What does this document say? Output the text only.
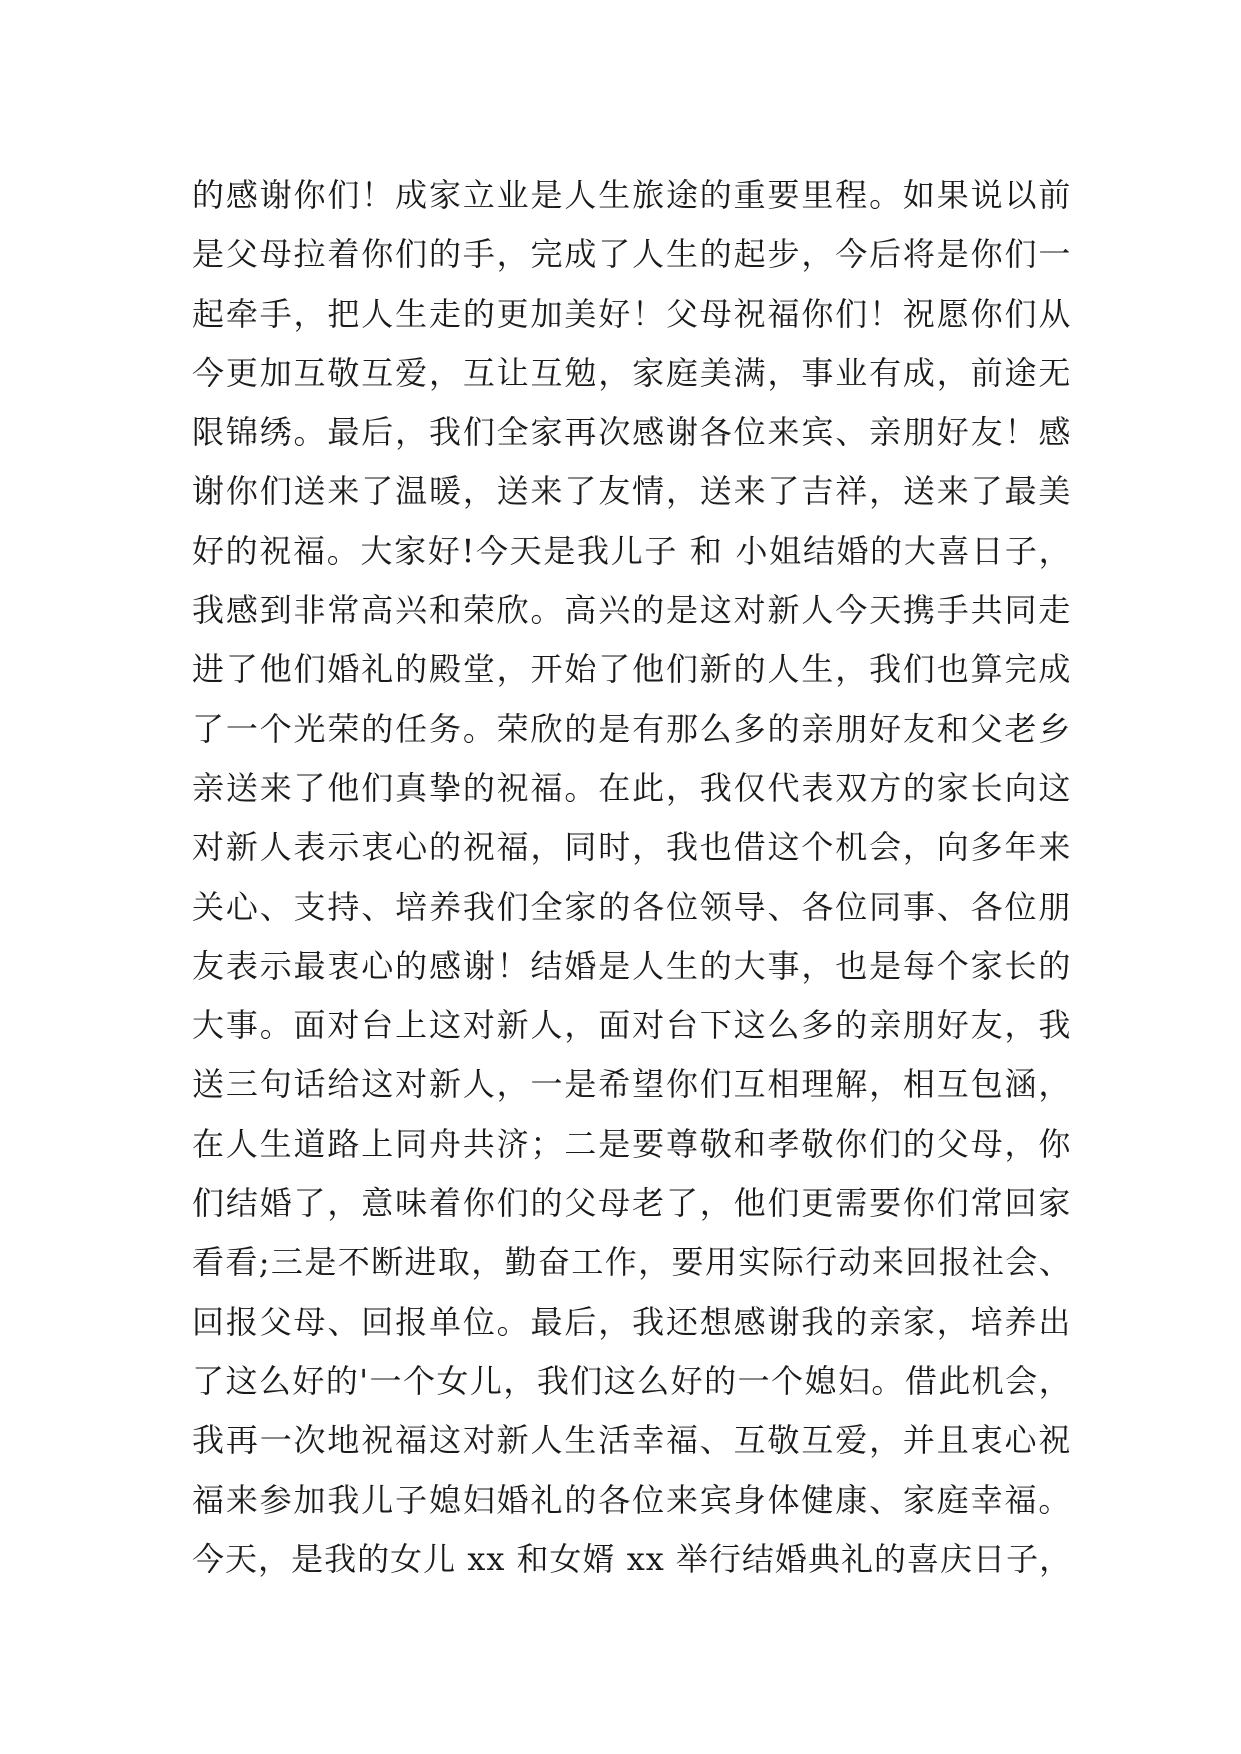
的感谢你们！成家立业是人生旅途的重要里程。如果说以前
是父母拉着你们的手，完成了人生的起步，今后将是你们一
起牵手，把人生走的更加美好！父母祝福你们！祝愿你们从
今更加互敬互爱，互让互勉，家庭美满，事业有成，前途无
限锦绣。最后，我们全家再次感谢各位来宾、亲朋好友！感
谢你们送来了温暖，送来了友情，送来了吉祥，送来了最美
好的祝福。大家好!今天是我儿子 和 小姐结婚的大喜日子，
我感到非常高兴和荣欣。高兴的是这对新人今天携手共同走
进了他们婚礼的殿堂，开始了他们新的人生，我们也算完成
了一个光荣的任务。荣欣的是有那么多的亲朋好友和父老乡
亲送来了他们真挚的祝福。在此，我仅代表双方的家长向这
对新人表示衷心的祝福，同时，我也借这个机会，向多年来
关心、支持、培养我们全家的各位领导、各位同事、各位朋
友表示最衷心的感谢！结婚是人生的大事，也是每个家长的
大事。面对台上这对新人，面对台下这么多的亲朋好友，我
送三句话给这对新人，一是希望你们互相理解，相互包涵，
在人生道路上同舟共济；二是要尊敬和孝敬你们的父母，你
们结婚了，意味着你们的父母老了，他们更需要你们常回家
看看;三是不断进取，勤奋工作，要用实际行动来回报社会、
回报父母、回报单位。最后，我还想感谢我的亲家，培养出
了这么好的'一个女儿，我们这么好的一个媳妇。借此机会，
我再一次地祝福这对新人生活幸福、互敬互爱，并且衷心祝
福来参加我儿子媳妇婚礼的各位来宾身体健康、家庭幸福。
今天，是我的女儿 xx 和女婿 xx 举行结婚典礼的喜庆日子，
